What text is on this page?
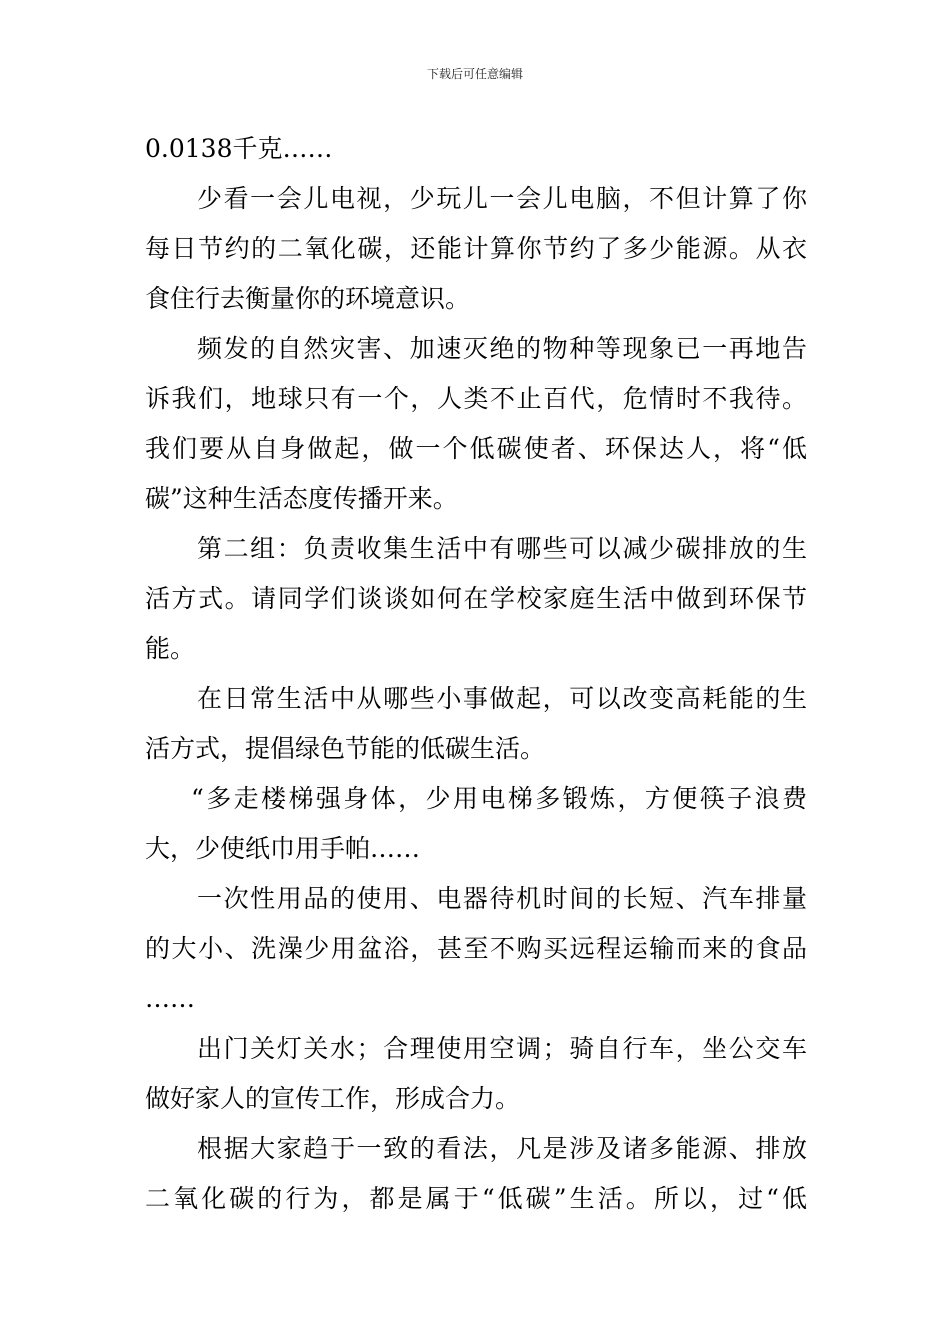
下载后可任意编辑
0.0138千克……
少看一会儿电视，少玩儿一会儿电脑，不但计算了你
每日节约的二氧化碳，还能计算你节约了多少能源。从衣
食住行去衡量你的环境意识。
频发的自然灾害、加速灭绝的物种等现象已一再地告
诉我们，地球只有一个，人类不止百代，危情时不我待。
我们要从自身做起，做一个低碳使者、环保达人，将“低
碳”这种生活态度传播开来。
第二组：负责收集生活中有哪些可以减少碳排放的生
活方式。请同学们谈谈如何在学校家庭生活中做到环保节
能。
在日常生活中从哪些小事做起，可以改变高耗能的生
活方式，提倡绿色节能的低碳生活。
“多走楼梯强身体，少用电梯多锻炼，方便筷子浪费
大，少使纸巾用手帕……
一次性用品的使用、电器待机时间的长短、汽车排量
的大小、洗澡少用盆浴，甚至不购买远程运输而来的食品
……
出门关灯关水；合理使用空调；骑自行车，坐公交车
做好家人的宣传工作，形成合力。
根据大家趋于一致的看法，凡是涉及诸多能源、排放
二氧化碳的行为，都是属于“低碳”生活。所以，过“低
